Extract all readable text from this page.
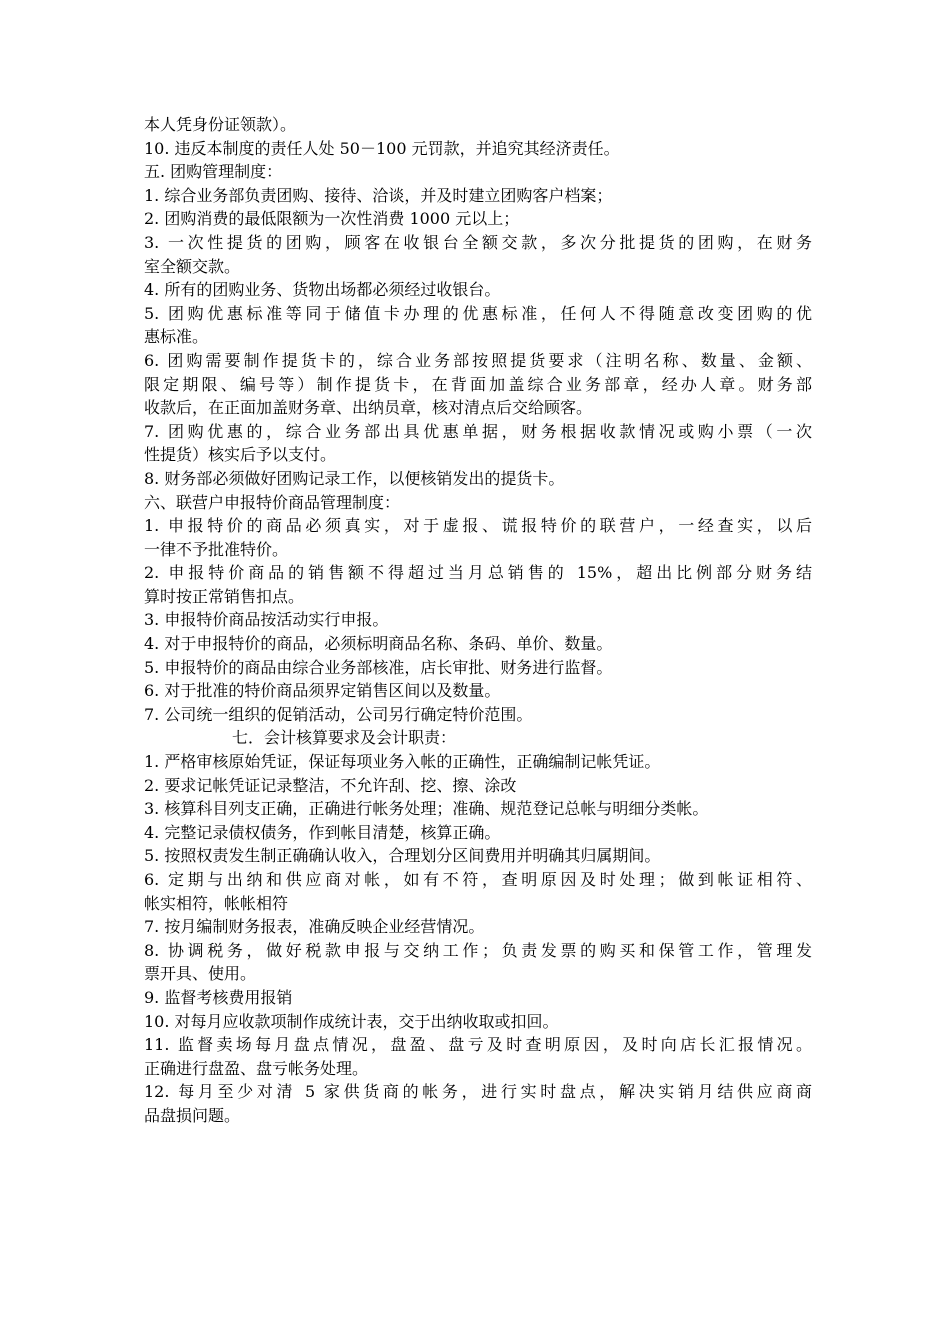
本人凭身份证领款）。
10. 违反本制度的责任人处 50－100 元罚款，并追究其经济责任。
五. 团购管理制度：
1. 综合业务部负责团购、接待、洽谈，并及时建立团购客户档案；
2. 团购消费的最低限额为一次性消费 1000 元以上；
3. 一次性提货的团购，顾客在收银台全额交款，多次分批提货的团购，在财务
室全额交款。
4. 所有的团购业务、货物出场都必须经过收银台。
5. 团购优惠标准等同于储值卡办理的优惠标准，任何人不得随意改变团购的优
惠标准。
6. 团购需要制作提货卡的，综合业务部按照提货要求（注明名称、数量、金额、
限定期限、编号等）制作提货卡，在背面加盖综合业务部章，经办人章。财务部
收款后，在正面加盖财务章、出纳员章，核对清点后交给顾客。
7. 团购优惠的，综合业务部出具优惠单据，财务根据收款情况或购小票（一次
性提货）核实后予以支付。
8. 财务部必须做好团购记录工作，以便核销发出的提货卡。
六、联营户申报特价商品管理制度：
1. 申报特价的商品必须真实，对于虚报、谎报特价的联营户，一经查实，以后
一律不予批准特价。
2. 申报特价商品的销售额不得超过当月总销售的 15%，超出比例部分财务结
算时按正常销售扣点。
3. 申报特价商品按活动实行申报。
4. 对于申报特价的商品，必须标明商品名称、条码、单价、数量。
5. 申报特价的商品由综合业务部核准，店长审批、财务进行监督。
6. 对于批准的特价商品须界定销售区间以及数量。
7. 公司统一组织的促销活动，公司另行确定特价范围。
七．会计核算要求及会计职责：
1. 严格审核原始凭证，保证每项业务入帐的正确性，正确编制记帐凭证。
2. 要求记帐凭证记录整洁，不允许刮、挖、擦、涂改
3. 核算科目列支正确，正确进行帐务处理；准确、规范登记总帐与明细分类帐。
4. 完整记录债权债务，作到帐目清楚，核算正确。
5. 按照权责发生制正确确认收入，合理划分区间费用并明确其归属期间。
6. 定期与出纳和供应商对帐，如有不符，查明原因及时处理；做到帐证相符、
帐实相符，帐帐相符
7. 按月编制财务报表，准确反映企业经营情况。
8. 协调税务，做好税款申报与交纳工作；负责发票的购买和保管工作，管理发
票开具、使用。
9. 监督考核费用报销
10. 对每月应收款项制作成统计表，交于出纳收取或扣回。
11. 监督卖场每月盘点情况，盘盈、盘亏及时查明原因，及时向店长汇报情况。
正确进行盘盈、盘亏帐务处理。
12. 每月至少对清 5 家供货商的帐务，进行实时盘点，解决实销月结供应商商
品盘损问题。
